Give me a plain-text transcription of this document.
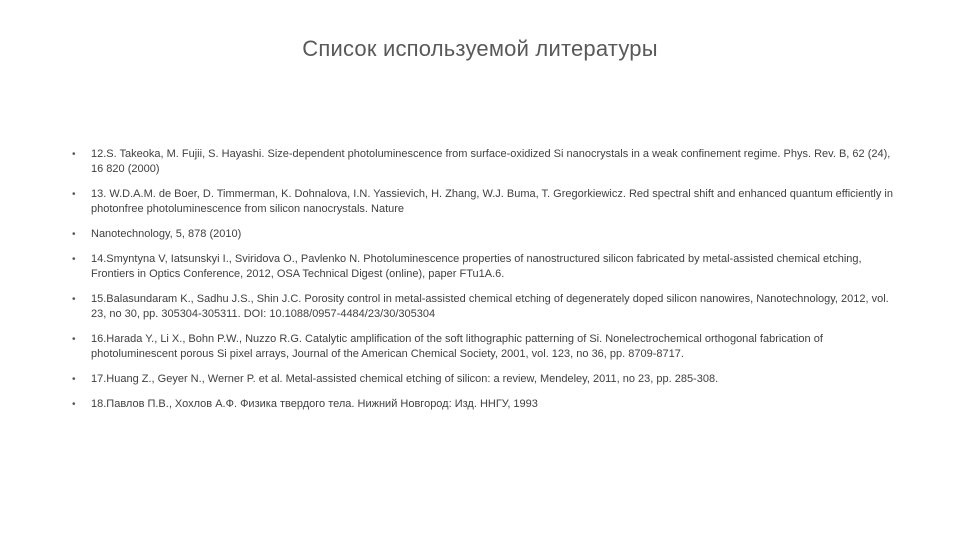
Список используемой литературы
• 12.S. Takeoka, M. Fujii, S. Hayashi. Size-dependent photoluminescence from surface-oxidized Si nanocrystals in a weak confinement regime. Phys. Rev. B, 62 (24), 16 820 (2000)
• 13. W.D.A.M. de Boer, D. Timmerman, K. Dohnalova, I.N. Yassievich, H. Zhang, W.J. Buma, T. Gregorkiewicz. Red spectral shift and enhanced quantum efficiently in photonfree photoluminescence from silicon nanocrystals. Nature
• Nanotechnology, 5, 878 (2010)
• 14.Smyntyna V, Iatsunskyi I., Sviridova O., Pavlenko N. Photoluminescence properties of nanostructured silicon fabricated by metal-assisted chemical etching, Frontiers in Optics Conference, 2012, OSA Technical Digest (online), paper FTu1A.6.
• 15.Balasundaram K., Sadhu J.S., Shin J.C. Porosity control in metal-assisted chemical etching of degenerately doped silicon nanowires, Nanotechnology, 2012, vol. 23, no 30, pp. 305304-305311. DOI: 10.1088/0957-4484/23/30/305304
• 16.Harada Y., Li X., Bohn P.W., Nuzzo R.G. Catalytic amplification of the soft lithographic patterning of Si. Nonelectrochemical orthogonal fabrication of photoluminescent porous Si pixel arrays, Journal of the American Chemical Society, 2001, vol. 123, no 36, pp. 8709-8717.
• 17.Huang Z., Geyer N., Werner P. et al. Metal-assisted chemical etching of silicon: a review, Mendeley, 2011, no 23, pp. 285-308.
• 18.Павлов П.В., Хохлов А.Ф. Физика твердого тела. Нижний Новгород: Изд. ННГУ, 1993
